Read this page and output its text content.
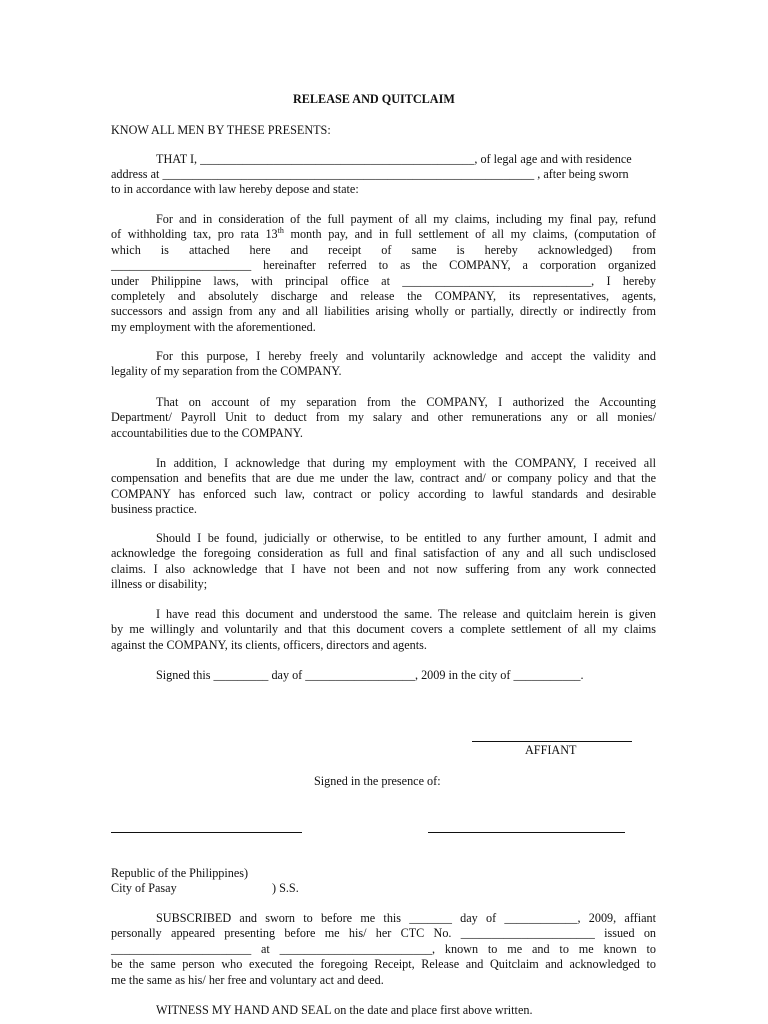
RELEASE AND QUITCLAIM
KNOW ALL MEN BY THESE PRESENTS:
THAT I, _____________________________________________, of legal age and with residence
address at _____________________________________________________________ , after being sworn
to in accordance with law hereby depose and state:
For and in consideration of the full payment of all my claims, including my final pay, refund
of withholding tax, pro rata 13th month pay, and in full settlement of all my claims, (computation of
which is attached here and receipt of same is hereby acknowledged) from
_______________________ hereinafter referred to as the COMPANY, a corporation organized
under Philippine laws, with principal office at _______________________________, I hereby
completely and absolutely discharge and release the COMPANY, its representatives, agents,
successors and assign from any and all liabilities arising wholly or partially, directly or indirectly from
my employment with the aforementioned.
For this purpose, I hereby freely and voluntarily acknowledge and accept the validity and
legality of my separation from the COMPANY.
That on account of my separation from the COMPANY, I authorized the Accounting
Department/ Payroll Unit to deduct from my salary and other remunerations any or all monies/
accountabilities due to the COMPANY.
In addition, I acknowledge that during my employment with the COMPANY, I received all
compensation and benefits that are due me under the law, contract and/ or company policy and that the
COMPANY has enforced such law, contract or policy according to lawful standards and desirable
business practice.
Should I be found, judicially or otherwise, to be entitled to any further amount, I admit and
acknowledge the foregoing consideration as full and final satisfaction of any and all such undisclosed
claims. I also acknowledge that I have not been and not now suffering from any work connected
illness or disability;
I have read this document and understood the same. The release and quitclaim herein is given
by me willingly and voluntarily and that this document covers a complete settlement of all my claims
against the COMPANY, its clients, officers, directors and agents.
Signed this _________ day of __________________, 2009 in the city of ___________.
AFFIANT
Signed in the presence of:
Republic of the Philippines)
City of Pasay	) S.S.
SUBSCRIBED and sworn to before me this _______ day of ____________, 2009, affiant
personally appeared presenting before me his/ her CTC No. ______________________ issued on
_______________________ at _________________________, known to me and to me known to
be the same person who executed the foregoing Receipt, Release and Quitclaim and acknowledged to
me the same as his/ her free and voluntary act and deed.
WITNESS MY HAND AND SEAL on the date and place first above written.
